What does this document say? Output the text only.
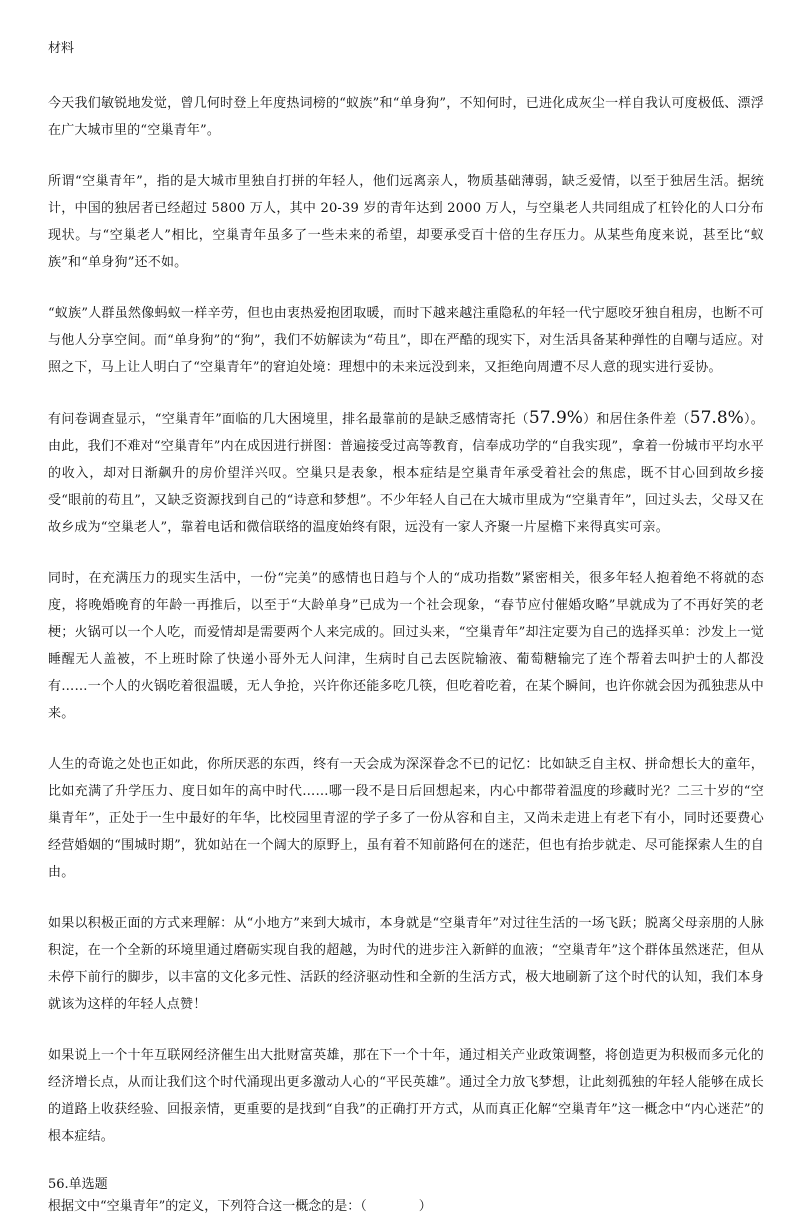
材料

今天我们敏锐地发觉，曾几何时登上年度热词榜的“蚁族”和“单身狗”，不知何时，已进化成灰尘一样自我认可度极低、漂浮在广大城市里的“空巢青年”。

所谓“空巢青年”，指的是大城市里独自打拼的年轻人，他们远离亲人，物质基础薄弱，缺乏爱情，以至于独居生活。据统计，中国的独居者已经超过 5800 万人，其中 20-39 岁的青年达到 2000 万人，与空巢老人共同组成了杠铃化的人口分布现状。与“空巢老人”相比，空巢青年虽多了一些未来的希望，却要承受百十倍的生存压力。从某些角度来说，甚至比“蚁族”和“单身狗”还不如。

“蚁族”人群虽然像蚂蚁一样辛劳，但也由衷热爱抱团取暖，而时下越来越注重隐私的年轻一代宁愿咬牙独自租房，也断不可与他人分享空间。而“单身狗”的“狗”，我们不妨解读为“苟且”，即在严酷的现实下，对生活具备某种弹性的自嘲与适应。对照之下，马上让人明白了“空巢青年”的窘迫处境：理想中的未来远没到来，又拒绝向周遭不尽人意的现实进行妥协。

有问卷调查显示，“空巢青年”面临的几大困境里，排名最靠前的是缺乏感情寄托（57.9%）和居住条件差（57.8%）。由此，我们不难对“空巢青年”内在成因进行拼图：普遍接受过高等教育，信奉成功学的“自我实现”，拿着一份城市平均水平的收入，却对日渐飙升的房价望洋兴叹。空巢只是表象，根本症结是空巢青年承受着社会的焦虑，既不甘心回到故乡接受“眼前的苟且”，又缺乏资源找到自己的“诗意和梦想”。不少年轻人自己在大城市里成为“空巢青年”，回过头去，父母又在故乡成为“空巢老人”，靠着电话和微信联络的温度始终有限，远没有一家人齐聚一片屋檐下来得真实可亲。

同时，在充满压力的现实生活中，一份“完美”的感情也日趋与个人的“成功指数”紧密相关，很多年轻人抱着绝不将就的态度，将晚婚晚育的年龄一再推后，以至于“大龄单身”已成为一个社会现象，“春节应付催婚攻略”早就成为了不再好笑的老梗；火锅可以一个人吃，而爱情却是需要两个人来完成的。回过头来，“空巢青年”却注定要为自己的选择买单：沙发上一觉睡醒无人盖被，不上班时除了快递小哥外无人问津，生病时自己去医院输液、葡萄糖输完了连个帮着去叫护士的人都没有……一个人的火锅吃着很温暖，无人争抢，兴许你还能多吃几筷，但吃着吃着，在某个瞬间，也许你就会因为孤独悲从中来。

人生的奇诡之处也正如此，你所厌恶的东西，终有一天会成为深深眷念不已的记忆：比如缺乏自主权、拼命想长大的童年，比如充满了升学压力、度日如年的高中时代……哪一段不是日后回想起来，内心中都带着温度的珍藏时光？二三十岁的“空巢青年”，正处于一生中最好的年华，比校园里青涩的学子多了一份从容和自主，又尚未走进上有老下有小，同时还要费心经营婚姻的“围城时期”，犹如站在一个阔大的原野上，虽有着不知前路何在的迷茫，但也有抬步就走、尽可能探索人生的自由。

如果以积极正面的方式来理解：从“小地方”来到大城市，本身就是“空巢青年”对过往生活的一场飞跃；脱离父母亲朋的人脉积淀，在一个全新的环境里通过磨砺实现自我的超越，为时代的进步注入新鲜的血液；“空巢青年”这个群体虽然迷茫，但从未停下前行的脚步，以丰富的文化多元性、活跃的经济驱动性和全新的生活方式，极大地刷新了这个时代的认知，我们本身就该为这样的年轻人点赞！

如果说上一个十年互联网经济催生出大批财富英雄，那在下一个十年，通过相关产业政策调整，将创造更为积极而多元化的经济增长点，从而让我们这个时代涌现出更多激动人心的“平民英雄”。通过全力放飞梦想，让此刻孤独的年轻人能够在成长的道路上收获经验、回报亲情，更重要的是找到“自我”的正确打开方式，从而真正化解“空巢青年”这一概念中“内心迷茫”的根本症结。

56.单选题

根据文中“空巢青年”的定义，下列符合这一概念的是：（　　　　）
